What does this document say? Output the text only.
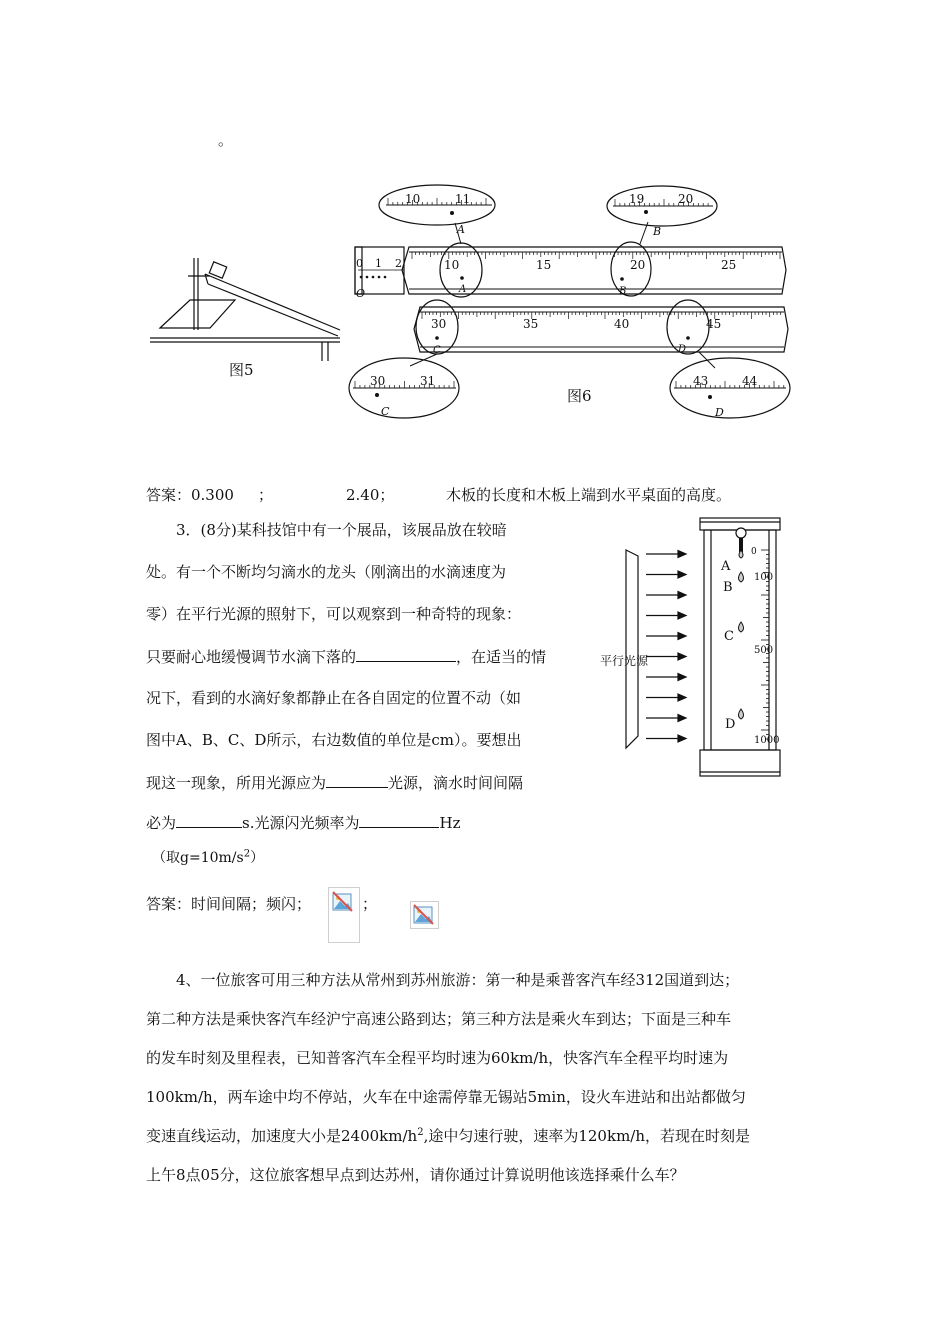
。
图5
0 1 2
O
10	15	20	25
A	B
30	35	40	45
C	D
10	11
A
19	20
B
30	31
C
43	44
D
图6
答案：0.300 ；	2.40；	木板的长度和木板上端到水平桌面的高度。
3．(8分)某科技馆中有一个展品，该展品放在较暗
处。有一个不断均匀滴水的龙头（刚滴出的水滴速度为
零）在平行光源的照射下，可以观察到一种奇特的现象：
只要耐心地缓慢调节水滴下落的	，在适当的情
况下，看到的水滴好象都静止在各自固定的位置不动（如
图中A、B、C、D所示，右边数值的单位是cm）。要想出
现这一现象，所用光源应为	光源，滴水时间间隔
必为	s.光源闪光频率为	Hz
（取$g=10m/s^2$）
平行光源
0
100
500
1000
A
B
C
D
答案：时间间隔；频闪；	；
4、一位旅客可用三种方法从常州到苏州旅游：第一种是乘普客汽车经312国道到达；
第二种方法是乘快客汽车经沪宁高速公路到达；第三种方法是乘火车到达；下面是三种车
的发车时刻及里程表，已知普客汽车全程平均时速为60km/h，快客汽车全程平均时速为
100km/h，两车途中均不停站，火车在中途需停靠无锡站5min，设火车进站和出站都做匀
变速直线运动，加速度大小是$2400km/h^2$,途中匀速行驶，速率为120km/h，若现在时刻是
上午8点05分，这位旅客想早点到达苏州，请你通过计算说明他该选择乘什么车？
